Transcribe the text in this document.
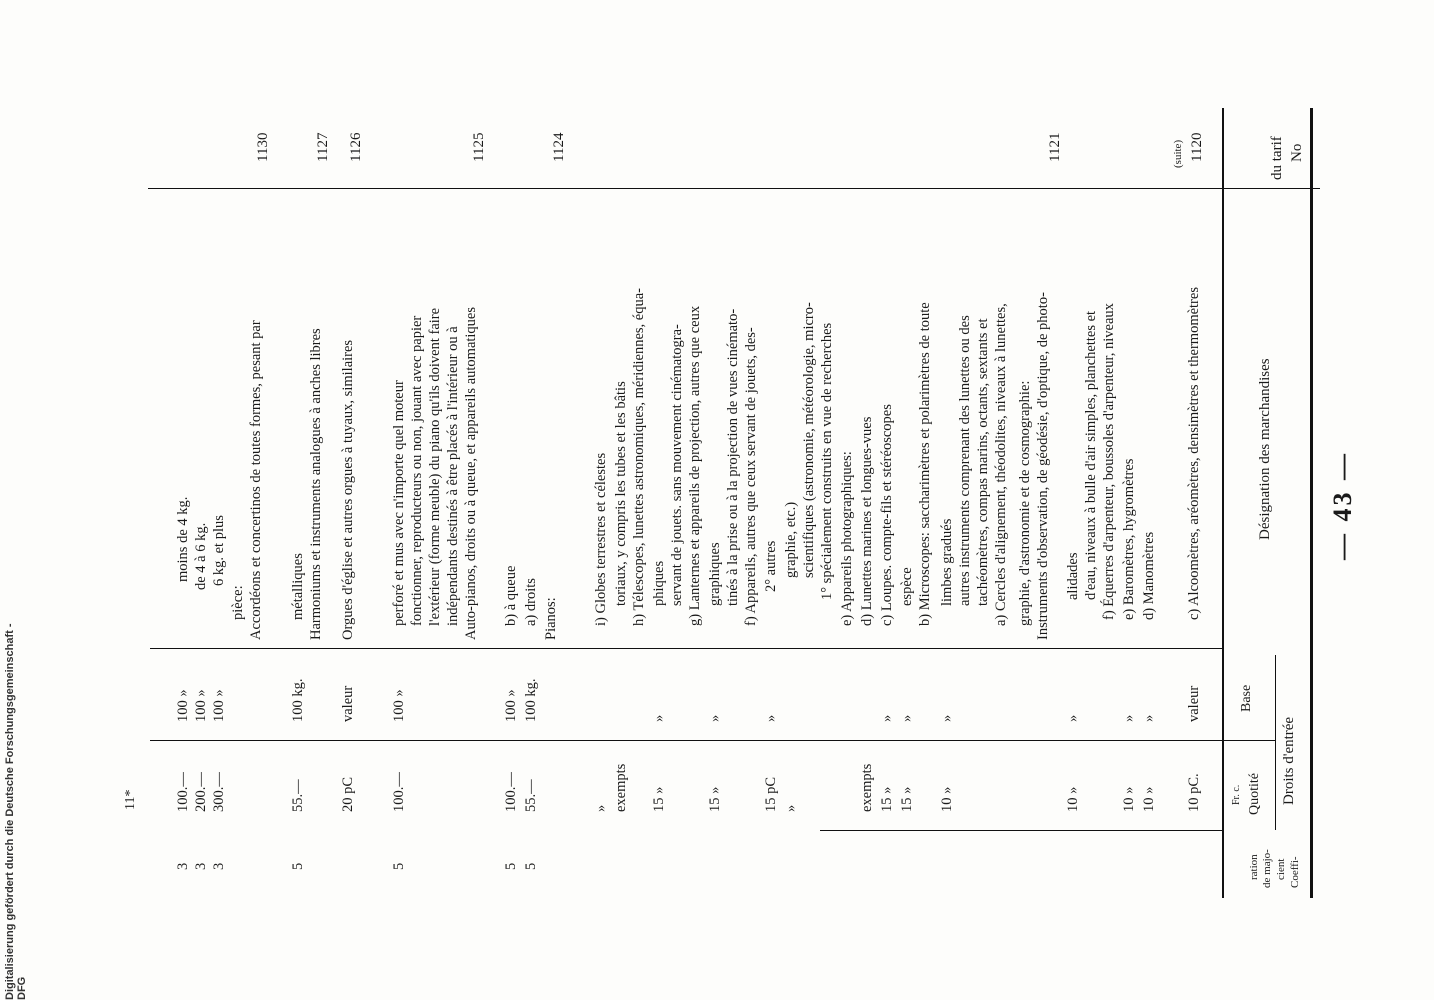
Digitalisierung gefördert durch die Deutsche Forschungsgemeinschaft - DFG
— 43 —
11*
No
du tarif
Désignation des marchandises
Droits d'entrée
Base
Quotité
Fr. c.
Coeffi-
cient
de majo-
ration
1120
(suite)
1121
1124
1125
1126
1127
1130
c) Alcoomètres, aréomètres, densimètres et thermomètres
d) Manomètres
e) Baromètres, hygromètres
f) Équerres d'arpenteur, boussoles d'arpenteur, niveaux
d'eau, niveaux à bulle d'air simples, planchettes et
alidades
Instruments d'observation, de géodésie, d'optique, de photo-
graphie, d'astronomie et de cosmographie:
a) Cercles d'alignement, théodolites, niveaux à lunettes,
tachéomètres, compas marins, octants, sextants et
autres instruments comprenant des lunettes ou des
limbes gradués
b) Microscopes: saccharimètres et polarimètres de toute
espèce
c) Loupes. compte-fils et stéréoscopes
d) Lunettes marines et longues-vues
e) Appareils photographiques:
1° spécialement construits en vue de recherches
scientifiques (astronomie, météorologie, micro-
graphie, etc.)
2° autres
f) Appareils, autres que ceux servant de jouets, des-
tinés à la prise ou à la projection de vues cinémato-
graphiques
g) Lanternes et appareils de projection, autres que ceux
servant de jouets. sans mouvement cinématogra-
phiques
h) Télescopes, lunettes astronomiques, méridiennes, équa-
toriaux, y compris les tubes et les bâtis
i) Globes terrestres et célestes
Pianos:
a) droits
b) à queue
Auto-pianos, droits ou à queue, et appareils automatiques
indépendants destinés à être placés à l'intérieur ou à
l'extérieur (forme meuble) du piano qu'ils doivent faire
fonctionner, reproducteurs ou non, jouant avec papier
perforé et mus avec n'importe quel moteur
Orgues d'église et autres orgues à tuyaux, similaires
Harmoniums et instruments analogues à anches libres
métalliques
Accordéons et concertinos de toutes formes, pesant par
pièce:
6 kg. et plus
de 4 à 6 kg.
moins de 4 kg.
valeur
»
»
»
»
»
»
»
»
»
100 kg.
100 »
100 »
valeur
100 kg.
100 »
100 »
100 »
10 pC.
10 »
10 »
10 »
10 »
15 »
15 »
exempts
»
15 pC
15 »
15 »
exempts
»
55.—
100.—
100.—
20 pC
55.—
300.—
200.—
100.—
5
5
5
5
3
3
3
